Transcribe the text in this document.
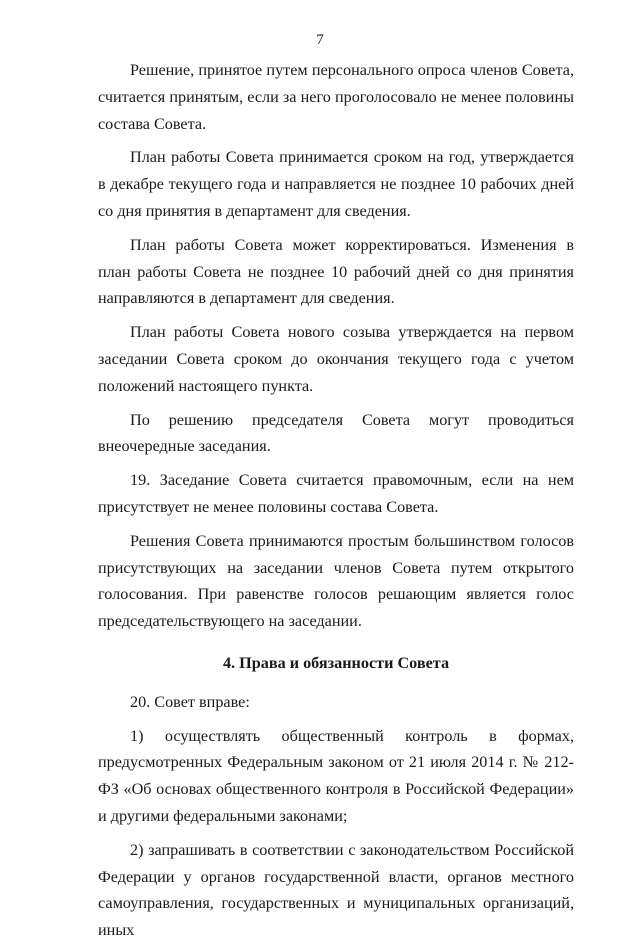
7

Решение, принятое путем персонального опроса членов Совета, считается принятым, если за него проголосовало не менее половины состава Совета.

План работы Совета принимается сроком на год, утверждается в декабре текущего года и направляется не позднее 10 рабочих дней со дня принятия в департамент для сведения.

План работы Совета может корректироваться. Изменения в план работы Совета не позднее 10 рабочий дней со дня принятия направляются в департамент для сведения.

План работы Совета нового созыва утверждается на первом заседании Совета сроком до окончания текущего года с учетом положений настоящего пункта.

По решению председателя Совета могут проводиться внеочередные заседания.

19. Заседание Совета считается правомочным, если на нем присутствует не менее половины состава Совета.

Решения Совета принимаются простым большинством голосов присутствующих на заседании членов Совета путем открытого голосования. При равенстве голосов решающим является голос председательствующего на заседании.

4. Права и обязанности Совета

20. Совет вправе:

1) осуществлять общественный контроль в формах, предусмотренных Федеральным законом от 21 июля 2014 г. № 212-ФЗ «Об основах общественного контроля в Российской Федерации» и другими федеральными законами;

2) запрашивать в соответствии с законодательством Российской Федерации у органов государственной власти, органов местного самоуправления, государственных и муниципальных организаций, иных
